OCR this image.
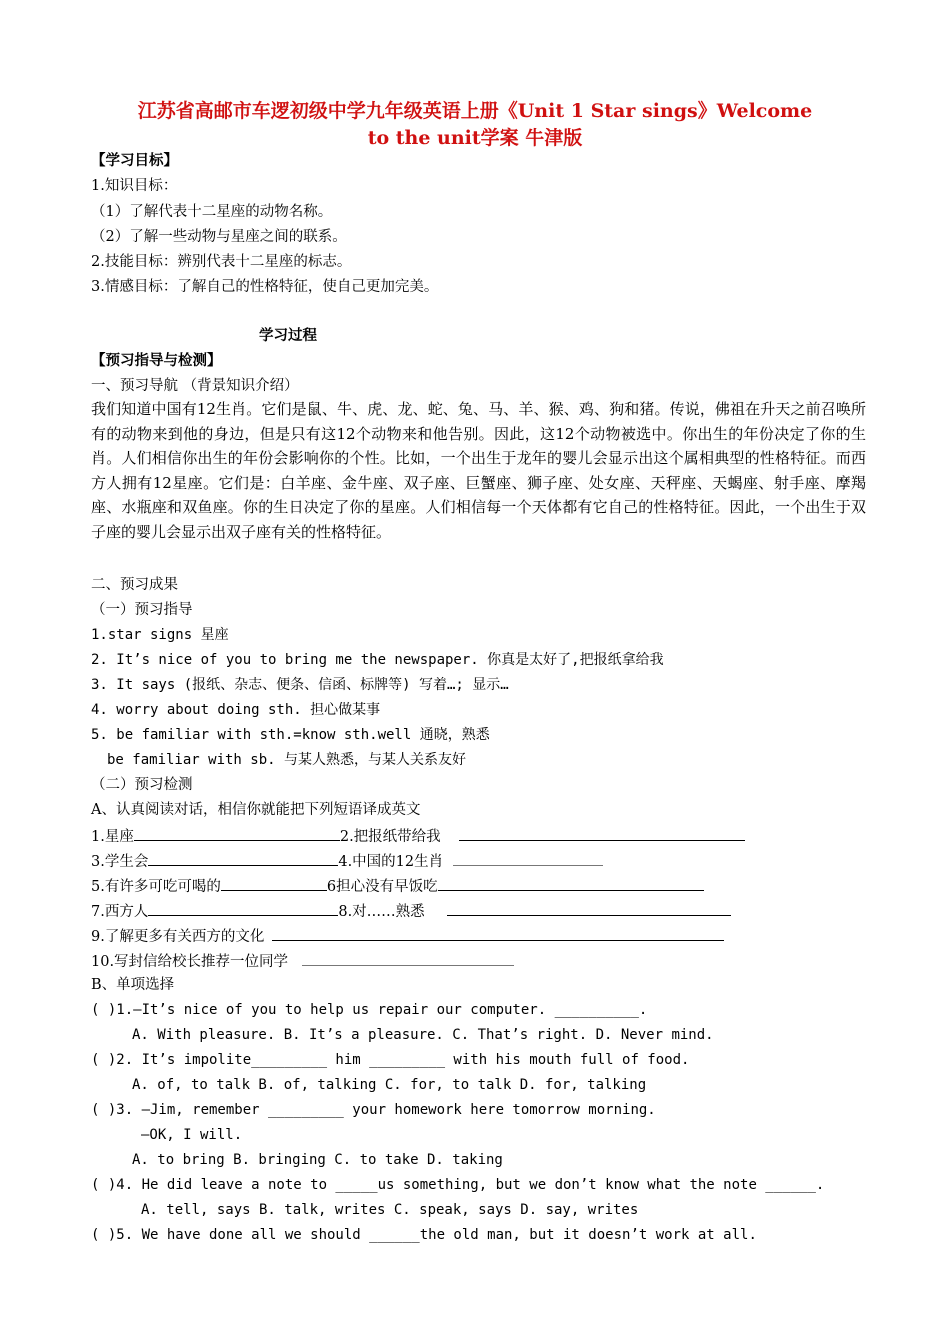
江苏省高邮市车逻初级中学九年级英语上册《Unit 1 Star sings》Welcome
to the unit学案 牛津版
【学习目标】
1.知识目标：
（1）了解代表十二星座的动物名称。
（2）了解一些动物与星座之间的联系。
2.技能目标：辨别代表十二星座的标志。
3.情感目标：了解自己的性格特征，使自己更加完美。
学习过程
【预习指导与检测】
一、预习导航 （背景知识介绍）
我们知道中国有12生肖。它们是鼠、牛、虎、龙、蛇、兔、马、羊、猴、鸡、狗和猪。传说，佛祖在升天之前召唤所有的动物来到他的身边，但是只有这12个动物来和他告别。因此，这12个动物被选中。你出生的年份决定了你的生肖。人们相信你出生的年份会影响你的个性。比如，一个出生于龙年的婴儿会显示出这个属相典型的性格特征。而西方人拥有12星座。它们是：白羊座、金牛座、双子座、巨蟹座、狮子座、处女座、天秤座、天蝎座、射手座、摩羯座、水瓶座和双鱼座。你的生日决定了你的星座。人们相信每一个天体都有它自己的性格特征。因此，一个出生于双子座的婴儿会显示出双子座有关的性格特征。
二、预习成果
（一）预习指导
1.star signs 星座
2. It’s nice of you to bring me the newspaper. 你真是太好了,把报纸拿给我
3. It says (报纸、杂志、便条、信函、标牌等) 写着…; 显示…
4. worry about doing sth. 担心做某事
5. be familiar with sth.=know sth.well 通晓，熟悉
be familiar with sb. 与某人熟悉，与某人关系友好
（二）预习检测
A、认真阅读对话，相信你就能把下列短语译成英文
1.星座	2.把报纸带给我
3.学生会	4.中国的12生肖
5.有许多可吃可喝的	6担心没有早饭吃
7.西方人	8.对……熟悉
9.了解更多有关西方的文化
10.写封信给校长推荐一位同学
B、单项选择
( )1.—It’s nice of you to help us repair our computer. __________.
A. With pleasure. B. It’s a pleasure. C. That’s right. D. Never mind.
( )2. It’s impolite_________ him _________ with his mouth full of food.
A. of, to talk B. of, talking C. for, to talk D. for, talking
( )3. —Jim, remember _________ your homework here tomorrow morning.
—OK, I will.
A. to bring B. bringing C. to take D. taking
( )4. He did leave a note to _____us something, but we don’t know what the note ______.
A. tell, says B. talk, writes C. speak, says D. say, writes
( )5. We have done all we should ______the old man, but it doesn’t work at all.
